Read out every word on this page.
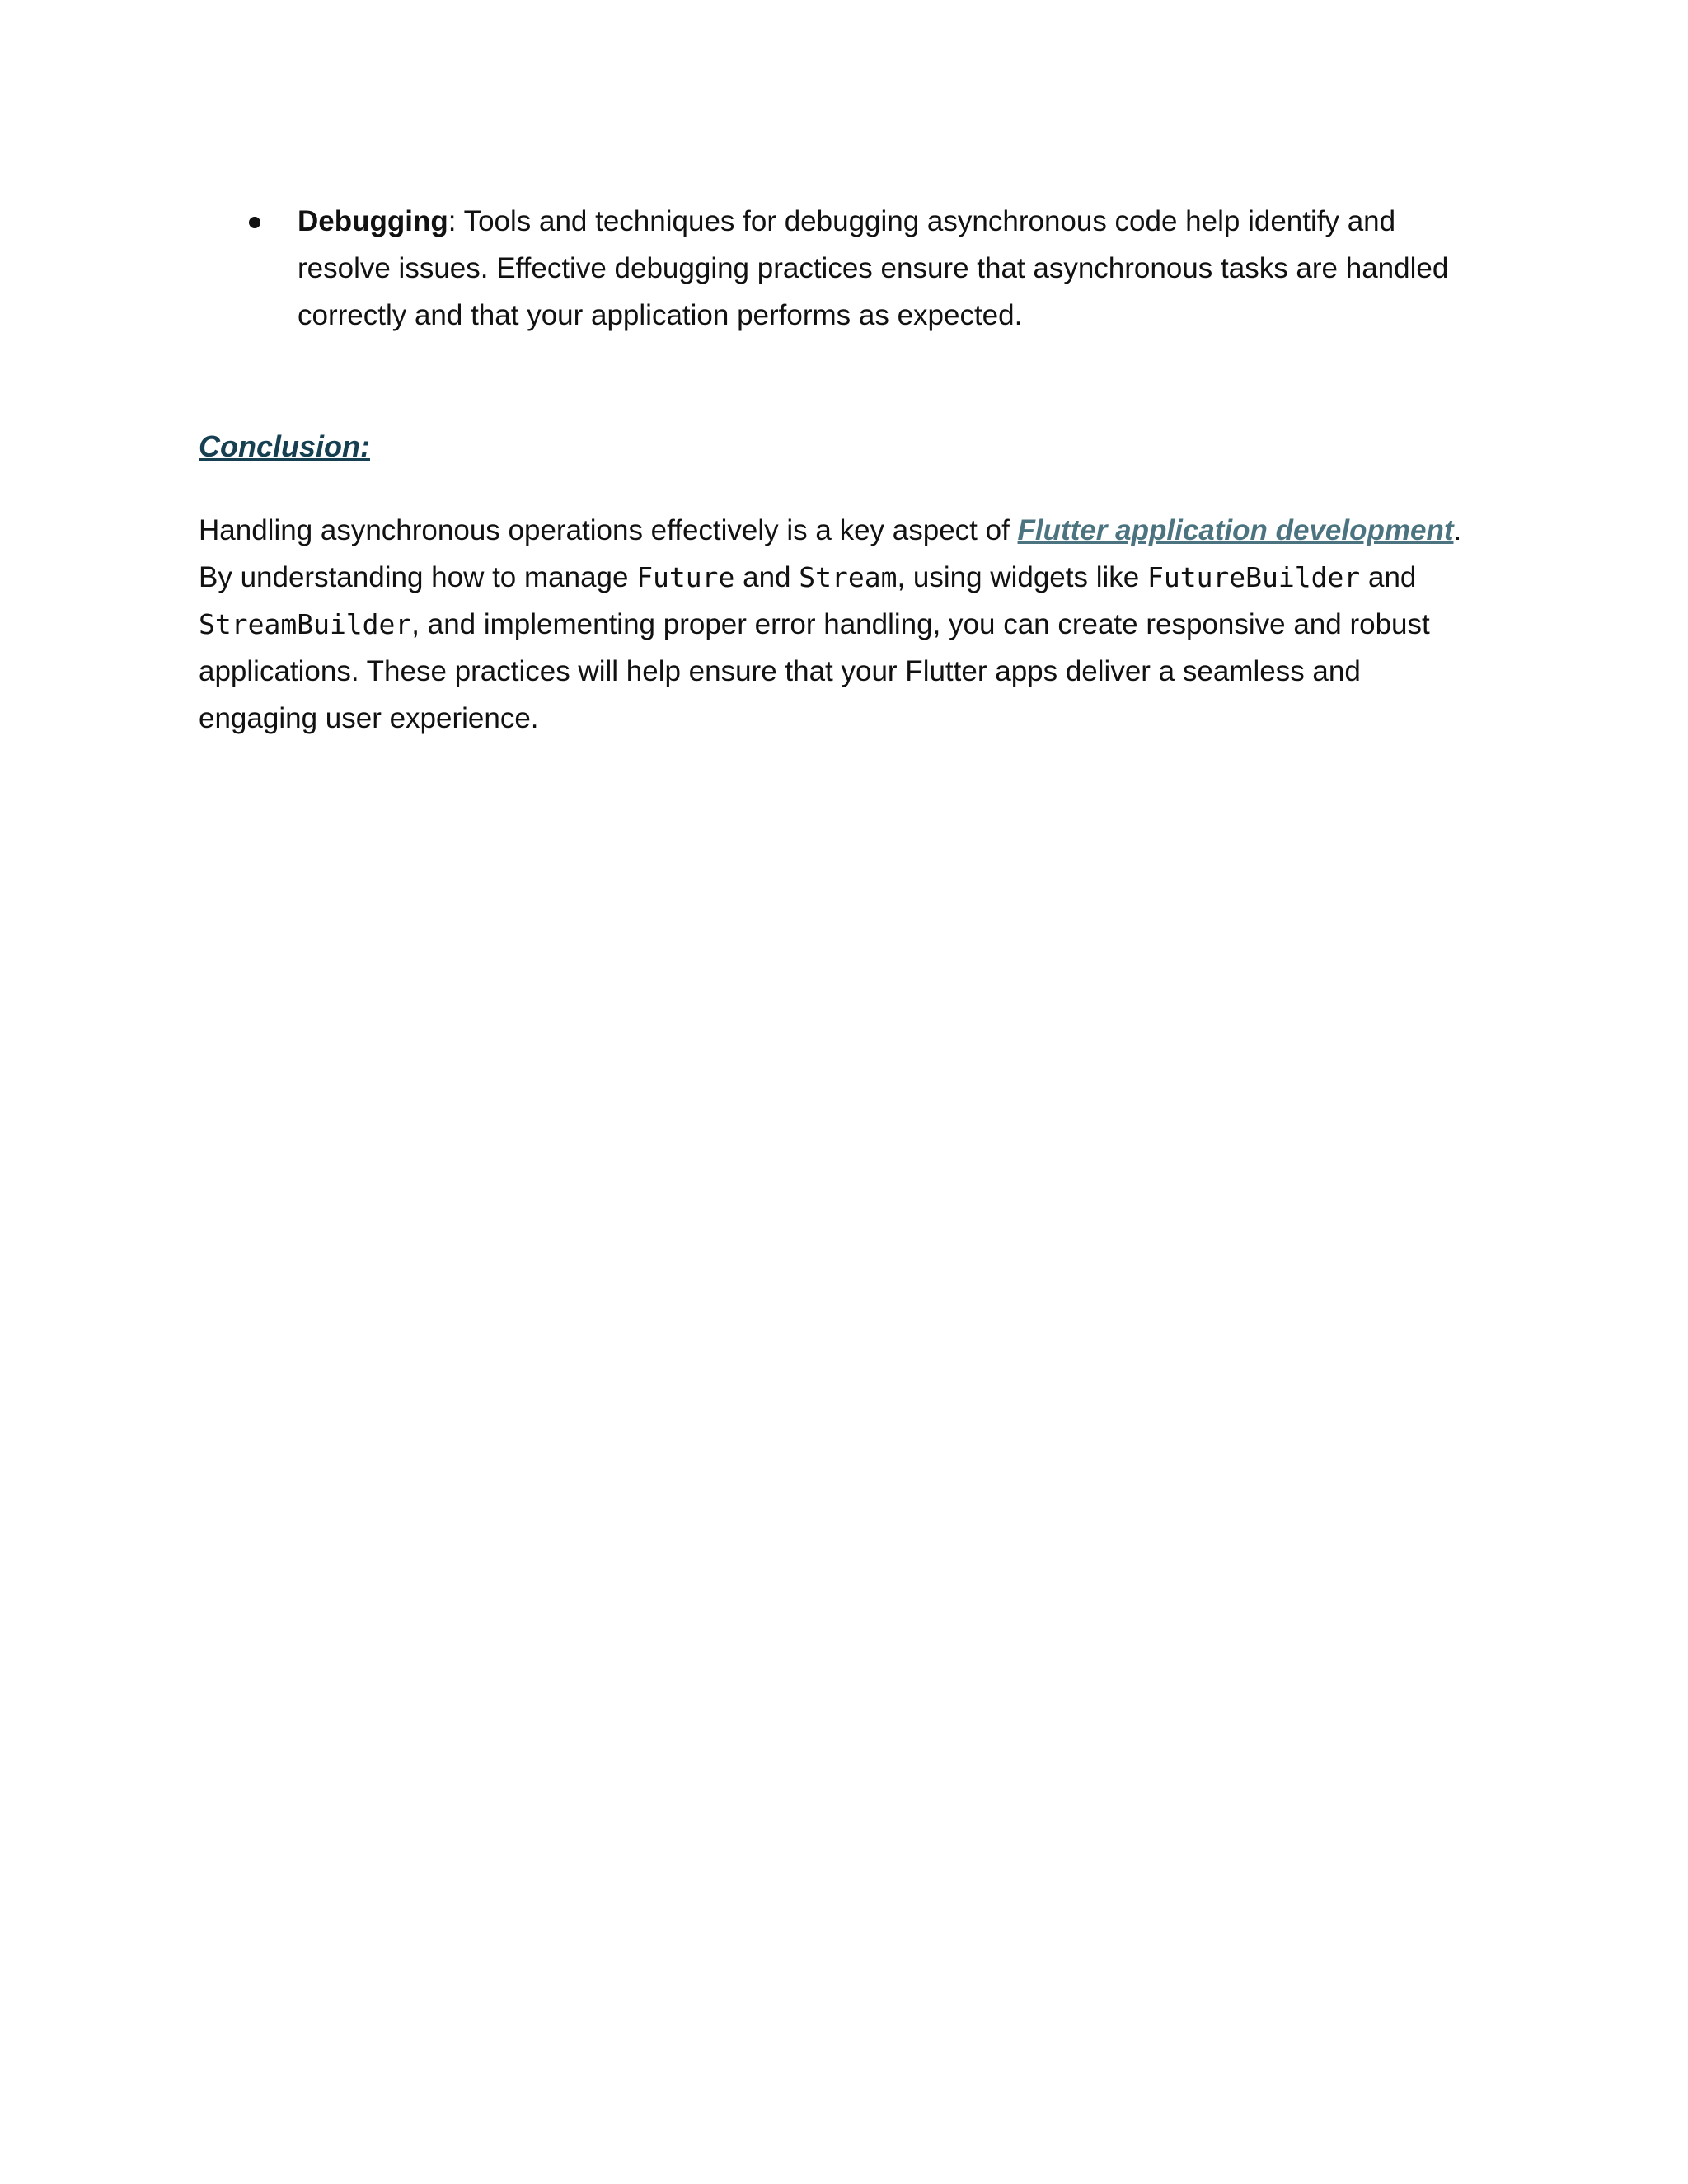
Debugging: Tools and techniques for debugging asynchronous code help identify and resolve issues. Effective debugging practices ensure that asynchronous tasks are handled correctly and that your application performs as expected.
Conclusion:

Handling asynchronous operations effectively is a key aspect of Flutter application development. By understanding how to manage Future and Stream, using widgets like FutureBuilder and StreamBuilder, and implementing proper error handling, you can create responsive and robust applications. These practices will help ensure that your Flutter apps deliver a seamless and engaging user experience.
